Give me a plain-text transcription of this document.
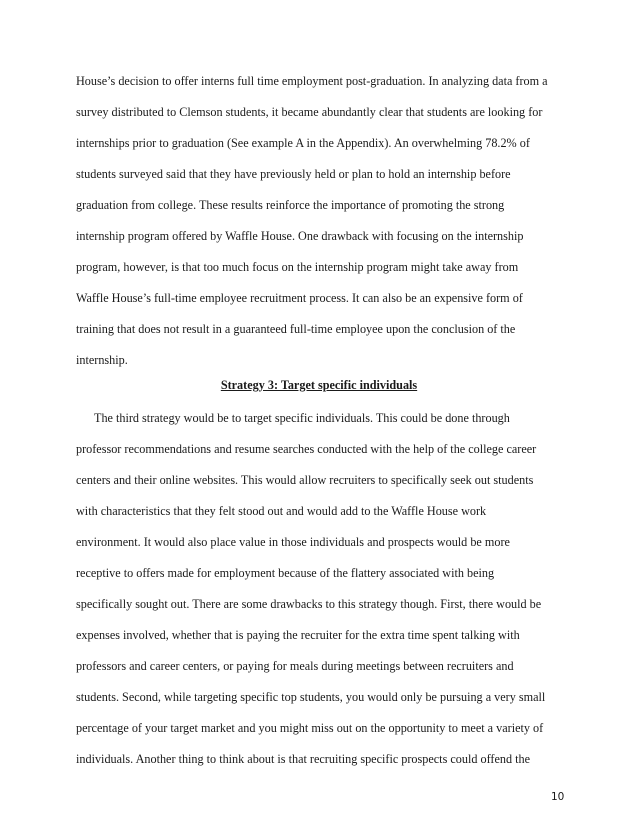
House’s decision to offer interns full time employment post-graduation. In analyzing data from a
survey distributed to Clemson students, it became abundantly clear that students are looking for
internships prior to graduation (See example A in the Appendix). An overwhelming 78.2% of
students surveyed said that they have previously held or plan to hold an internship before
graduation from college. These results reinforce the importance of promoting the strong
internship program offered by Waffle House. One drawback with focusing on the internship
program, however, is that too much focus on the internship program might take away from
Waffle House’s full-time employee recruitment process. It can also be an expensive form of
training that does not result in a guaranteed full-time employee upon the conclusion of the
internship.
Strategy 3: Target specific individuals
The third strategy would be to target specific individuals. This could be done through
professor recommendations and resume searches conducted with the help of the college career
centers and their online websites. This would allow recruiters to specifically seek out students
with characteristics that they felt stood out and would add to the Waffle House work
environment. It would also place value in those individuals and prospects would be more
receptive to offers made for employment because of the flattery associated with being
specifically sought out. There are some drawbacks to this strategy though. First, there would be
expenses involved, whether that is paying the recruiter for the extra time spent talking with
professors and career centers, or paying for meals during meetings between recruiters and
students. Second, while targeting specific top students, you would only be pursuing a very small
percentage of your target market and you might miss out on the opportunity to meet a variety of
individuals. Another thing to think about is that recruiting specific prospects could offend the
10
